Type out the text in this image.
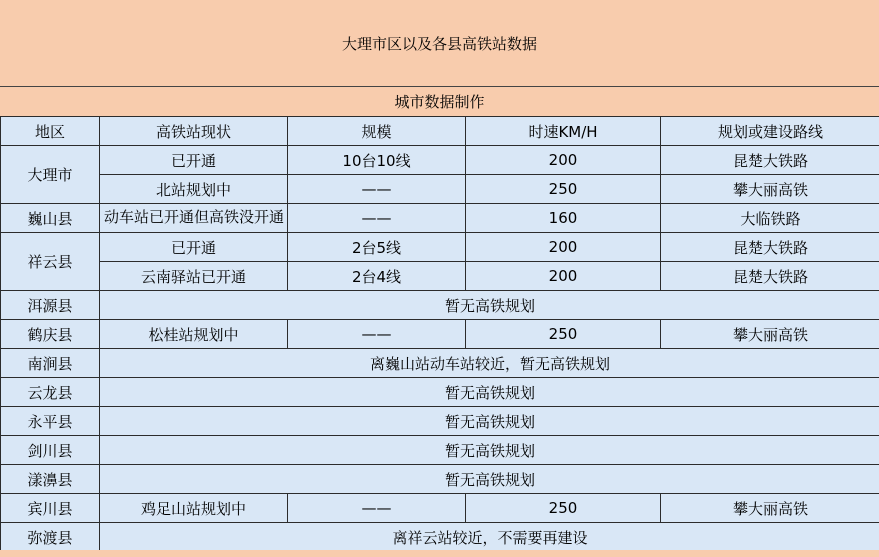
大理市区以及各县高铁站数据
城市数据制作
地区	高铁站现状	规模	时速KM/H	规划或建设路线
大理市	已开通	10台10线	200	昆楚大铁路
	北站规划中	——	250	攀大丽高铁
巍山县	动车站已开通但高铁没开通	——	160	大临铁路
祥云县	已开通	2台5线	200	昆楚大铁路
	云南驿站已开通	2台4线	200	昆楚大铁路
洱源县	暂无高铁规划			
鹤庆县	松桂站规划中	——	250	攀大丽高铁
南涧县	离巍山站动车站较近，暂无高铁规划			
云龙县	暂无高铁规划			
永平县	暂无高铁规划			
剑川县	暂无高铁规划			
漾濞县	暂无高铁规划			
宾川县	鸡足山站规划中	——	250	攀大丽高铁
弥渡县	离祥云站较近，不需要再建设			
